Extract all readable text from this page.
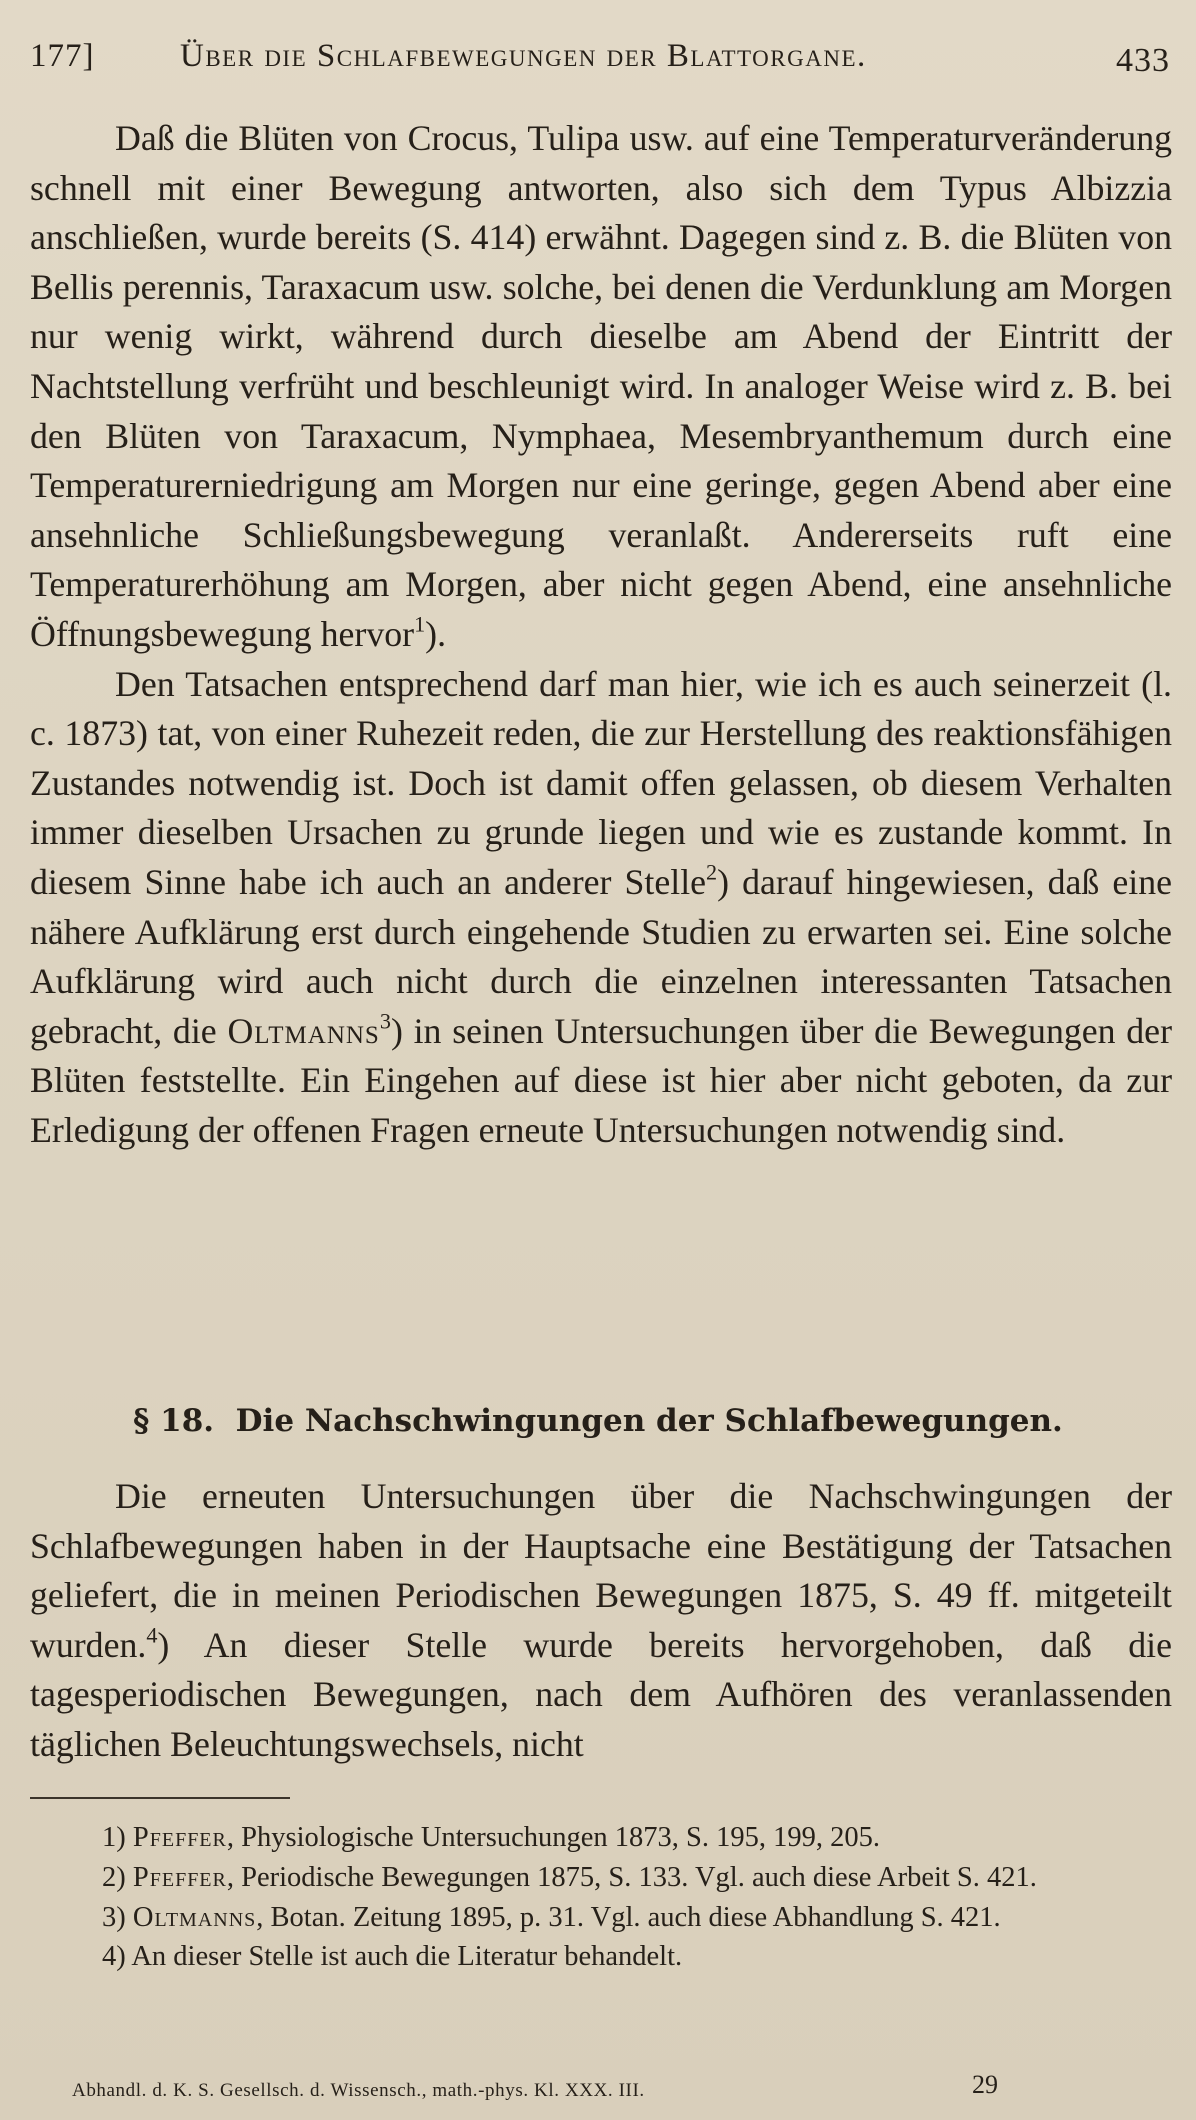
177]	Über die Schlafbewegungen der Blattorgane.	433

Daß die Blüten von Crocus, Tulipa usw. auf eine Temperaturveränderung schnell mit einer Bewegung antworten, also sich dem Typus Albizzia anschließen, wurde bereits (S. 414) erwähnt. Dagegen sind z. B. die Blüten von Bellis perennis, Taraxacum usw. solche, bei denen die Verdunklung am Morgen nur wenig wirkt, während durch dieselbe am Abend der Eintritt der Nachtstellung verfrüht und beschleunigt wird. In analoger Weise wird z. B. bei den Blüten von Taraxacum, Nymphaea, Mesembryanthemum durch eine Temperaturerniedrigung am Morgen nur eine geringe, gegen Abend aber eine ansehnliche Schließungsbewegung veranlaßt. Andererseits ruft eine Temperaturerhöhung am Morgen, aber nicht gegen Abend, eine ansehnliche Öffnungsbewegung hervor$^1$).

Den Tatsachen entsprechend darf man hier, wie ich es auch seinerzeit (l. c. 1873) tat, von einer Ruhezeit reden, die zur Herstellung des reaktionsfähigen Zustandes notwendig ist. Doch ist damit offen gelassen, ob diesem Verhalten immer dieselben Ursachen zu grunde liegen und wie es zustande kommt. In diesem Sinne habe ich auch an anderer Stelle$^2$) darauf hingewiesen, daß eine nähere Aufklärung erst durch eingehende Studien zu erwarten sei. Eine solche Aufklärung wird auch nicht durch die einzelnen interessanten Tatsachen gebracht, die Oltmanns$^3$) in seinen Untersuchungen über die Bewegungen der Blüten feststellte. Ein Eingehen auf diese ist hier aber nicht geboten, da zur Erledigung der offenen Fragen erneute Untersuchungen notwendig sind.

§ 18. Die Nachschwingungen der Schlafbewegungen.

Die erneuten Untersuchungen über die Nachschwingungen der Schlafbewegungen haben in der Hauptsache eine Bestätigung der Tatsachen geliefert, die in meinen Periodischen Bewegungen 1875, S. 49 ff. mitgeteilt wurden.$^4$) An dieser Stelle wurde bereits hervorgehoben, daß die tagesperiodischen Bewegungen, nach dem Aufhören des veranlassenden täglichen Beleuchtungswechsels, nicht

1) Pfeffer, Physiologische Untersuchungen 1873, S. 195, 199, 205.

2) Pfeffer, Periodische Bewegungen 1875, S. 133. Vgl. auch diese Arbeit S. 421.

3) Oltmanns, Botan. Zeitung 1895, p. 31. Vgl. auch diese Abhandlung S. 421.

4) An dieser Stelle ist auch die Literatur behandelt.

Abhandl. d. K. S. Gesellsch. d. Wissensch., math.-phys. Kl. XXX. III.	29
